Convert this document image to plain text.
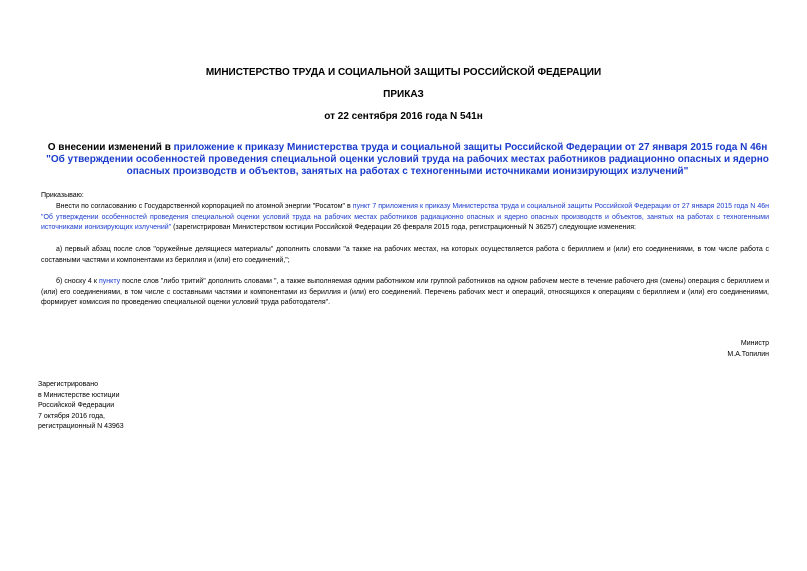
МИНИСТЕРСТВО ТРУДА И СОЦИАЛЬНОЙ ЗАЩИТЫ РОССИЙСКОЙ ФЕДЕРАЦИИ
ПРИКАЗ
от 22 сентября 2016 года N 541н
О внесении изменений в приложение к приказу Министерства труда и социальной защиты Российской Федерации от 27 января 2015 года N 46н "Об утверждении особенностей проведения специальной оценки условий труда на рабочих местах работников радиационно опасных и ядерно опасных производств и объектов, занятых на работах с техногенными источниками ионизирующих излучений"
Приказываю:

Внести по согласованию с Государственной корпорацией по атомной энергии "Росатом" в пункт 7 приложения к приказу Министерства труда и социальной защиты Российской Федерации от 27 января 2015 года N 46н "Об утверждении особенностей проведения специальной оценки условий труда на рабочих местах работников радиационно опасных и ядерно опасных производств и объектов, занятых на работах с техногенными источниками ионизирующих излучений" (зарегистрирован Министерством юстиции Российской Федерации 26 февраля 2015 года, регистрационный N 36257) следующие изменения:

а) первый абзац после слов "оружейные делящиеся материалы" дополнить словами "а также на рабочих местах, на которых осуществляется работа с бериллием и (или) его соединениями, в том числе работа с составными частями и компонентами из бериллия и (или) его соединений,";

б) сноску 4 к пункту после слов "либо тритий" дополнить словами ", а также выполняемая одним работником или группой работников на одном рабочем месте в течение рабочего дня (смены) операция с бериллием и (или) его соединениями, в том числе с составными частями и компонентами из бериллия и (или) его соединений. Перечень рабочих мест и операций, относящихся к операциям с бериллием и (или) его соединениями, формирует комиссия по проведению специальной оценки условий труда работодателя".

Министр
М.А.Топилин
Зарегистрировано
в Министерстве юстиции
Российской Федерации
7 октября 2016 года,
регистрационный N 43963
